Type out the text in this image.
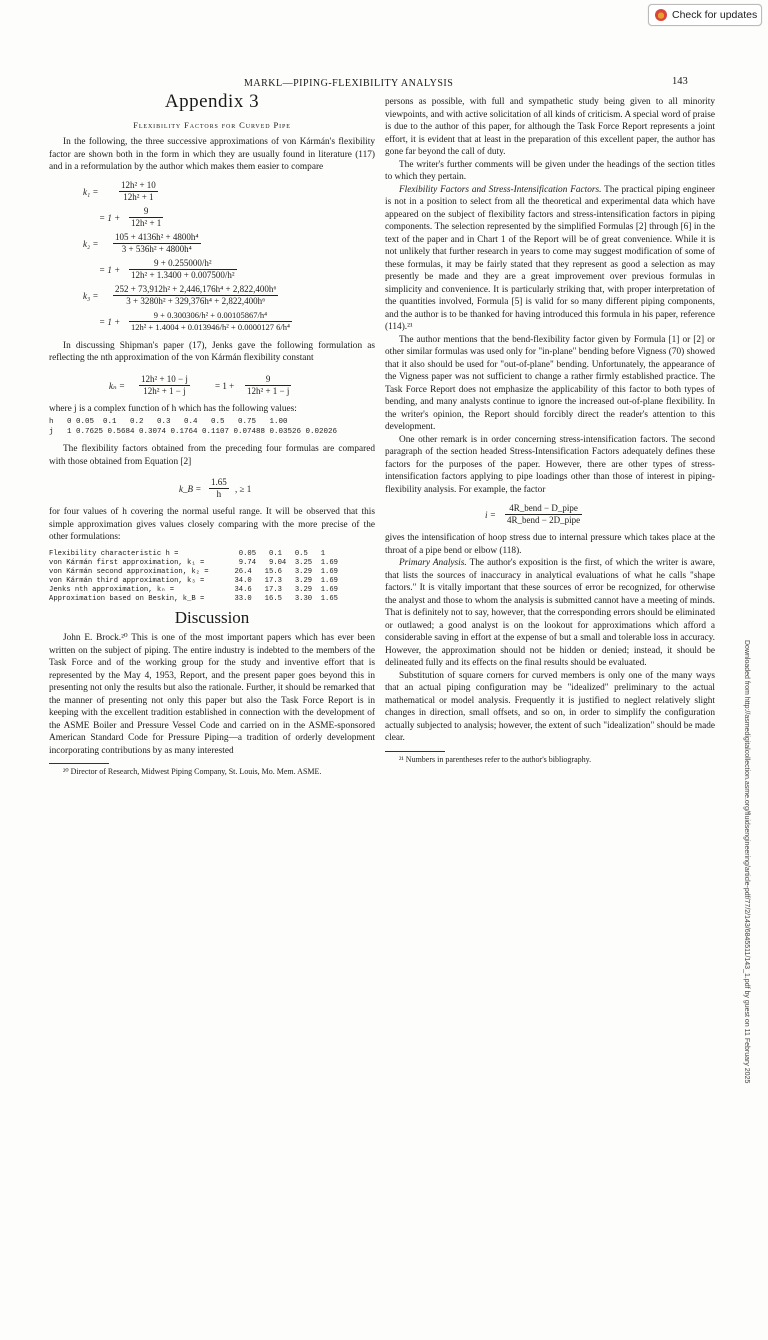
Check for updates
MARKL—PIPING-FLEXIBILITY ANALYSIS	143
Downloaded from http://asmedigitalcollection.asme.org/fluidsengineering/article-pdf/77/2/143/6845511/143_1.pdf by guest on 11 February 2025
Appendix 3
Flexibility Factors for Curved Pipe

In the following, the three successive approximations of von Kármán's flexibility factor are shown both in the form in which they are usually found in literature (117) and in a reformulation by the author which makes them easier to compare

$k_1 = \frac{\text{12h² + 10}}{\text{12h² + 1}}$
= $1 + \frac{9}{\text{12h² + 1}}$
$k_2 = \frac{\text{105 + 4136h² + 4800h⁴}}{\text{3 + 536h² + 4800h⁴}}$
= $1 + \frac{\text{9 + 0.255000/h²}}{\text{12h² + 1.3400 + 0.007500/h²}}$
$k_3 = \frac{\text{252 + 73,912h² + 2,446,176h⁴ + 2,822,400h⁶}}{\text{3 + 3280h² + 329,376h⁴ + 2,822,400h⁶}}$
= $1 + \frac{\text{9 + 0.300306/h² + 0.00105867/h⁴}}{\text{12h² + 1.4004 + 0.013946/h² + 0.0000127 6/h⁴}}$

In discussing Shipman's paper (17), Jenks gave the following formulation as reflecting the nth approximation of the von Kármán flexibility constant

$k_n = \frac{\text{12h² + 10 − j}}{\text{12h² + 1 − j}}$	= $1 + \frac{9}{\text{12h² + 1 − j}}$

where j is a complex function of h which has the following values:

h   0 0.05  0.1   0.2   0.3   0.4   0.5   0.75   1.00
j   1 0.7625 0.5684 0.3074 0.1764 0.1107 0.07488 0.03526 0.02026

The flexibility factors obtained from the preceding four formulas are compared with those obtained from Equation [2]

k_B = $\frac{1.65}{h}$ , ≥ 1

for four values of h covering the normal useful range. It will be observed that this simple approximation gives values closely comparing with the more precise of the other formulations:

Flexibility characteristic h =              0.05   0.1   0.5   1
von Kármán first approximation, k₁ =        9.74   9.04  3.25  1.69
von Kármán second approximation, k₂ =      26.4   15.6   3.29  1.69
von Kármán third approximation, k₃ =       34.0   17.3   3.29  1.69
Jenks nth approximation, kₙ =              34.6   17.3   3.29  1.69
Approximation based on Beskin, k_B =       33.0   16.5   3.30  1.65
Discussion

John E. Brock.²⁰ This is one of the most important papers which has ever been written on the subject of piping. The entire industry is indebted to the members of the Task Force and of the working group for the study and inventive effort that is represented by the May 4, 1953, Report, and the present paper goes beyond this in presenting not only the results but also the rationale. Further, it should be remarked that the manner of presenting not only this paper but also the Task Force Report is in keeping with the excellent tradition established in connection with the development of the ASME Boiler and Pressure Vessel Code and carried on in the ASME-sponsored American Standard Code for Pressure Piping—a tradition of orderly development incorporating contributions by as many interested

²⁰ Director of Research, Midwest Piping Company, St. Louis, Mo. Mem. ASME.

persons as possible, with full and sympathetic study being given to all minority viewpoints, and with active solicitation of all kinds of criticism. A special word of praise is due to the author of this paper, for although the Task Force Report represents a joint effort, it is evident that at least in the preparation of this excellent paper, the author has gone far beyond the call of duty.

The writer's further comments will be given under the headings of the section titles to which they pertain.

Flexibility Factors and Stress-Intensification Factors. The practical piping engineer is not in a position to select from all the theoretical and experimental data which have appeared on the subject of flexibility factors and stress-intensification factors in piping components. The selection represented by the simplified Formulas [2] through [6] in the text of the paper and in Chart 1 of the Report will be of great convenience. While it is not unlikely that further research in years to come may suggest modification of some of these formulas, it may be fairly stated that they represent as good a selection as may presently be made and they are a great improvement over previous formulas in simplicity and convenience. It is particularly striking that, with proper interpretation of the quantities involved, Formula [5] is valid for so many different piping components, and the author is to be thanked for having introduced this formula in his paper, reference (114).²¹

The author mentions that the bend-flexibility factor given by Formula [1] or [2] or other similar formulas was used only for "in-plane" bending before Vigness (70) showed that it also should be used for "out-of-plane" bending. Unfortunately, the appearance of the Vigness paper was not sufficient to change a rather firmly established practice. The Task Force Report does not emphasize the applicability of this factor to both types of bending, and many analysts continue to ignore the increased out-of-plane flexibility. In the writer's opinion, the Report should forcibly direct the reader's attention to this development.

One other remark is in order concerning stress-intensification factors. The second paragraph of the section headed Stress-Intensification Factors adequately defines these factors for the purposes of the paper. However, there are other types of stress-intensification factors applying to pipe loadings other than those of interest in piping-flexibility analysis. For example, the factor

i =
4R_bend − D_pipe
4R_bend − 2D_pipe

gives the intensification of hoop stress due to internal pressure which takes place at the throat of a pipe bend or elbow (118).

Primary Analysis. The author's exposition is the first, of which the writer is aware, that lists the sources of inaccuracy in analytical evaluations of what he calls "shape factors." It is vitally important that these sources of error be recognized, for otherwise the analyst and those to whom the analysis is submitted cannot have a meeting of minds. That is definitely not to say, however, that the corresponding errors should be eliminated or outlawed; a good analyst is on the lookout for approximations which afford a considerable saving in effort at the expense of but a small and tolerable loss in accuracy. However, the approximation should not be hidden or denied; instead, it should be delineated fully and its effects on the final results should be evaluated.

Substitution of square corners for curved members is only one of the many ways that an actual piping configuration may be "idealized" preliminary to the actual mathematical or model analysis. Frequently it is justified to neglect relatively slight changes in direction, small offsets, and so on, in order to simplify the configuration actually subjected to analysis; however, the extent of such "idealization" should be made clear.

²¹ Numbers in parentheses refer to the author's bibliography.
